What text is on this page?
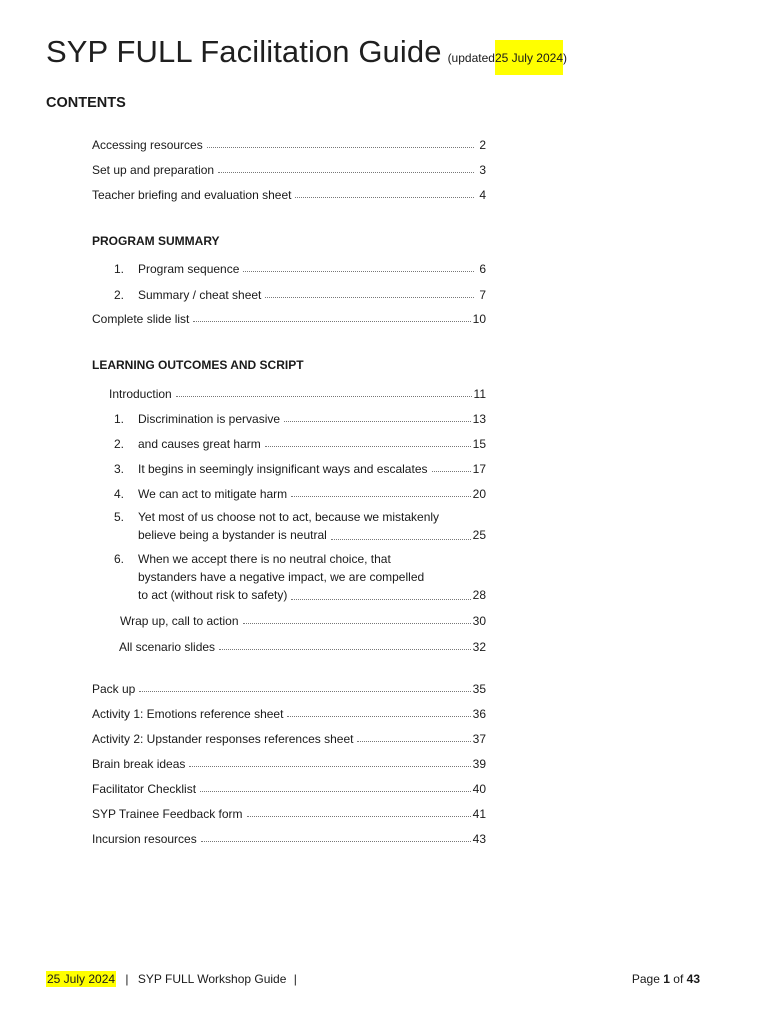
SYP FULL Facilitation Guide (updated25 July 2024)
CONTENTS
Accessing resources	2
Set up and preparation	3
Teacher briefing and evaluation sheet	4
PROGRAM SUMMARY
1.	Program sequence	6
2.	Summary / cheat sheet	7
Complete slide list	10
LEARNING OUTCOMES AND SCRIPT
Introduction	11
1.	Discrimination is pervasive	13
2.	and causes great harm	15
3.	It begins in seemingly insignificant ways and escalates	17
4.	We can act to mitigate harm	20
5.	Yet most of us choose not to act, because we mistakenly
believe being a bystander is neutral	25
6.	When we accept there is no neutral choice, that
bystanders have a negative impact, we are compelled
to act (without risk to safety)	28
Wrap up, call to action	30
All scenario slides	32
Pack up	35
Activity 1: Emotions reference sheet	36
Activity 2: Upstander responses references sheet	37
Brain break ideas	39
Facilitator Checklist	40
SYP Trainee Feedback form	41
Incursion resources	43
25 July 2024 | SYP FULL Workshop Guide |	Page 1 of 43
